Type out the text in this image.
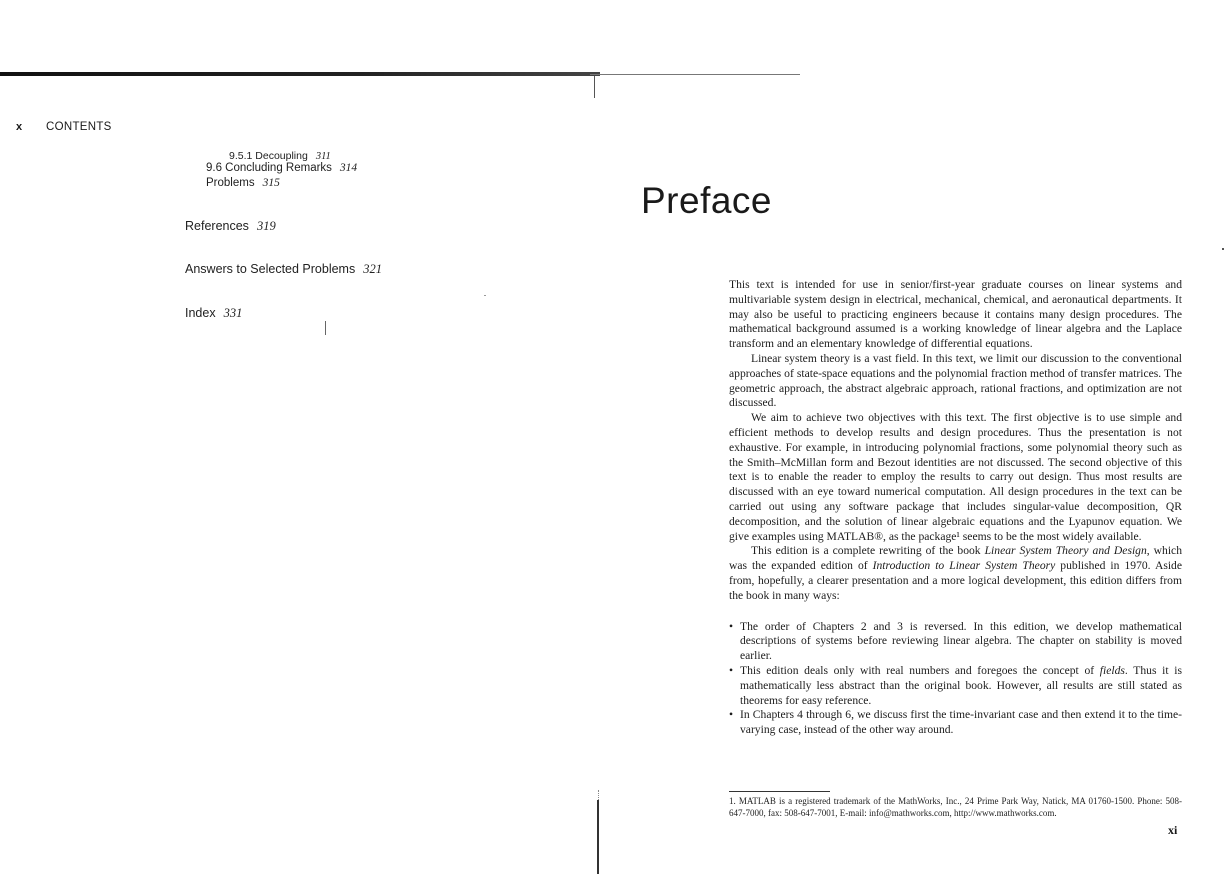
x CONTENTS
9.5.1 Decoupling 311
9.6 Concluding Remarks 314
Problems 315
References 319
Answers to Selected Problems 321
Index 331
Preface

This text is intended for use in senior/first-year graduate courses on linear systems and multivariable system design in electrical, mechanical, chemical, and aeronautical departments. It may also be useful to practicing engineers because it contains many design procedures. The mathematical background assumed is a working knowledge of linear algebra and the Laplace transform and an elementary knowledge of differential equations.

Linear system theory is a vast field. In this text, we limit our discussion to the conventional approaches of state-space equations and the polynomial fraction method of transfer matrices. The geometric approach, the abstract algebraic approach, rational fractions, and optimization are not discussed.

We aim to achieve two objectives with this text. The first objective is to use simple and efficient methods to develop results and design procedures. Thus the presentation is not exhaustive. For example, in introducing polynomial fractions, some polynomial theory such as the Smith–McMillan form and Bezout identities are not discussed. The second objective of this text is to enable the reader to employ the results to carry out design. Thus most results are discussed with an eye toward numerical computation. All design procedures in the text can be carried out using any software package that includes singular-value decomposition, QR decomposition, and the solution of linear algebraic equations and the Lyapunov equation. We give examples using MATLAB®, as the package¹ seems to be the most widely available.

This edition is a complete rewriting of the book Linear System Theory and Design, which was the expanded edition of Introduction to Linear System Theory published in 1970. Aside from, hopefully, a clearer presentation and a more logical development, this edition differs from the book in many ways:

• The order of Chapters 2 and 3 is reversed. In this edition, we develop mathematical descriptions of systems before reviewing linear algebra. The chapter on stability is moved earlier.
• This edition deals only with real numbers and foregoes the concept of fields. Thus it is mathematically less abstract than the original book. However, all results are still stated as theorems for easy reference.
• In Chapters 4 through 6, we discuss first the time-invariant case and then extend it to the time-varying case, instead of the other way around.
1. MATLAB is a registered trademark of the MathWorks, Inc., 24 Prime Park Way, Natick, MA 01760-1500. Phone: 508-647-7000, fax: 508-647-7001, E-mail: info@mathworks.com, http://www.mathworks.com.
xi
